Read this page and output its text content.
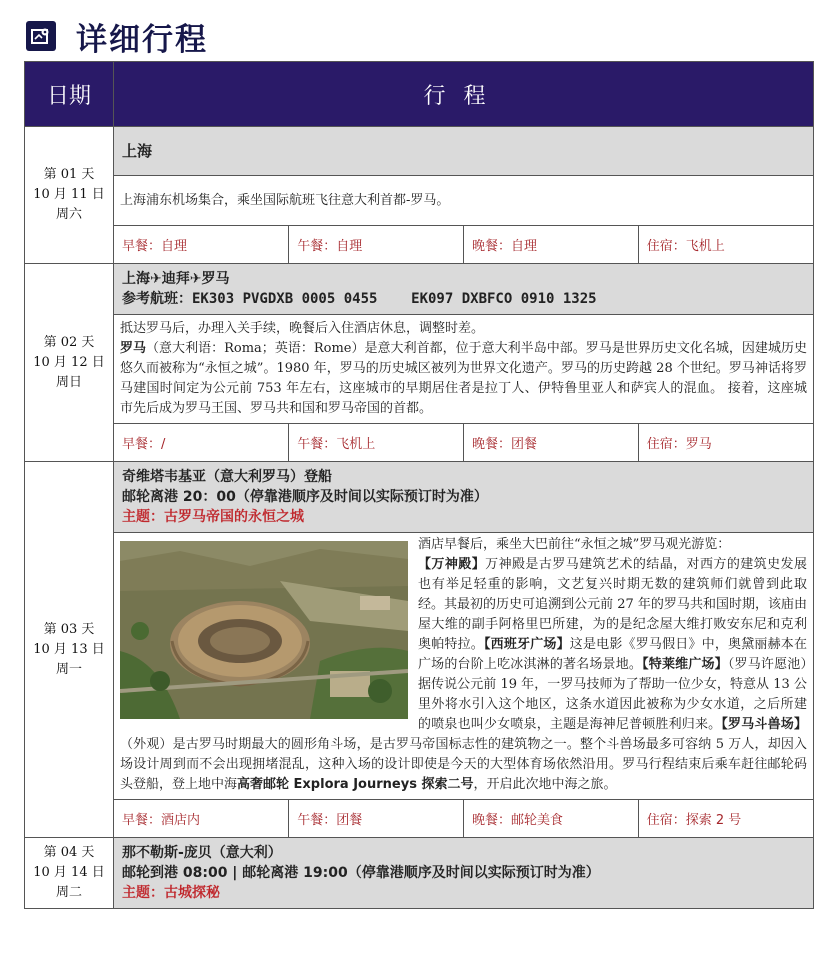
详细行程
日期	行程

第 01 天
10 月 11 日
周六

上海
上海浦东机场集合，乘坐国际航班飞往意大利首都-罗马。
早餐：自理	午餐：自理	晚餐：自理	住宿：飞机上

第 02 天
10 月 12 日
周日

上海✈迪拜✈罗马
参考航班：EK303 PVGDXB 0005 0455    EK097 DXBFCO 0910 1325
抵达罗马后，办理入关手续，晚餐后入住酒店休息，调整时差。
罗马（意大利语：Roma；英语：Rome）是意大利首都，位于意大利半岛中部。罗马是世界历史文化名城，因建城历史悠久而被称为“永恒之城”。1980 年，罗马的历史城区被列为世界文化遗产。罗马的历史跨越 28 个世纪。罗马神话将罗马建国时间定为公元前 753 年左右，这座城市的早期居住者是拉丁人、伊特鲁里亚人和萨宾人的混血。 接着，这座城市先后成为罗马王国、罗马共和国和罗马帝国的首都。
早餐：/	午餐：飞机上	晚餐：团餐	住宿：罗马

第 03 天
10 月 13 日
周一

奇维塔韦基亚（意大利罗马）登船
邮轮离港 20：00（停靠港顺序及时间以实际预订时为准）
主题：古罗马帝国的永恒之城
酒店早餐后，乘坐大巴前往“永恒之城”罗马观光游览：
【万神殿】万神殿是古罗马建筑艺术的结晶，对西方的建筑史发展也有举足轻重的影响，文艺复兴时期无数的建筑师们就曾到此取经。其最初的历史可追溯到公元前 27 年的罗马共和国时期，该庙由屋大维的副手阿格里巴所建，为的是纪念屋大维打败安东尼和克利奥帕特拉。【西班牙广场】这是电影《罗马假日》中，奥黛丽赫本在广场的台阶上吃冰淇淋的著名场景地。【特莱维广场】（罗马许愿池）据传说公元前 19 年，一罗马技师为了帮助一位少女，特意从 13 公里外将水引入这个地区，这条水道因此被称为少女水道，之后所建的喷泉也叫少女喷泉，主题是海神尼普顿胜利归来。【罗马斗兽场】（外观）是古罗马时期最大的圆形角斗场，是古罗马帝国标志性的建筑物之一。整个斗兽场最多可容纳 5 万人，却因入场设计周到而不会出现拥堵混乱，这种入场的设计即使是今天的大型体育场依然沿用。罗马行程结束后乘车赶往邮轮码头登船，登上地中海高奢邮轮 Explora Journeys 探索二号，开启此次地中海之旅。
早餐：酒店内	午餐：团餐	晚餐：邮轮美食	住宿：探索 2 号

第 04 天
10 月 14 日
周二

那不勒斯-庞贝（意大利）
邮轮到港 08:00 | 邮轮离港 19:00（停靠港顺序及时间以实际预订时为准）
主题：古城探秘
